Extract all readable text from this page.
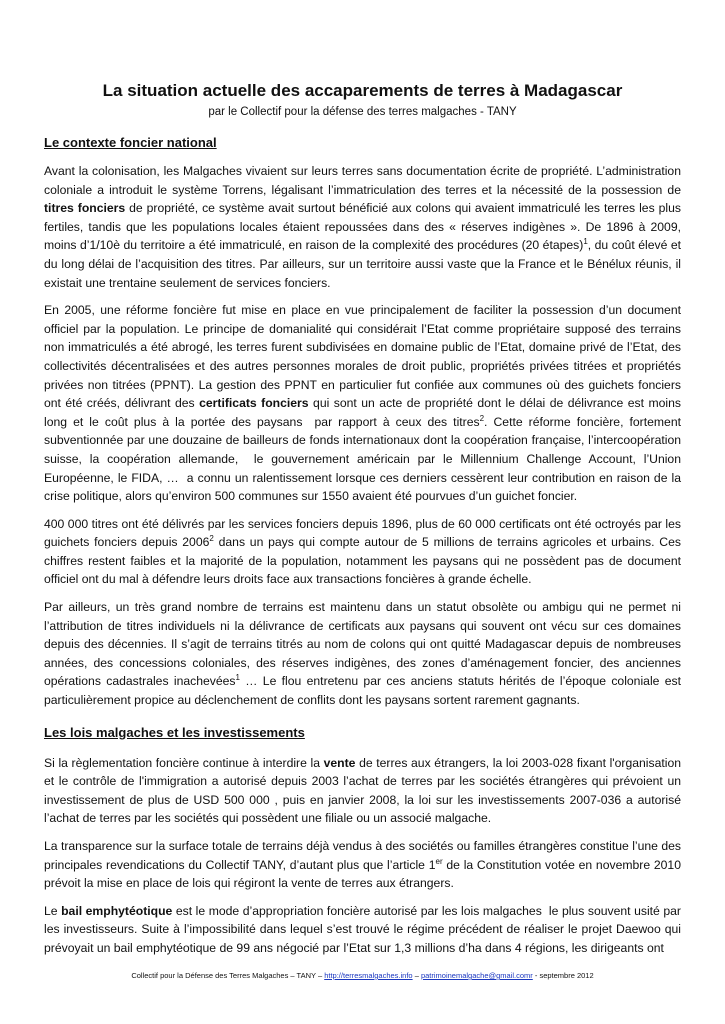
La situation actuelle des accaparements de terres à Madagascar

par le Collectif pour la défense des terres malgaches - TANY

Le contexte foncier national

Avant la colonisation, les Malgaches vivaient sur leurs terres sans documentation écrite de propriété. L’administration coloniale a introduit le système Torrens, légalisant l’immatriculation des terres et la nécessité de la possession de titres fonciers de propriété, ce système avait surtout bénéficié aux colons qui avaient immatriculé les terres les plus fertiles, tandis que les populations locales étaient repoussées dans des « réserves indigènes ». De 1896 à 2009, moins d’1/10è du territoire a été immatriculé, en raison de la complexité des procédures (20 étapes)$^1$, du coût élevé et du long délai de l’acquisition des titres. Par ailleurs, sur un territoire aussi vaste que la France et le Bénélux réunis, il existait une trentaine seulement de services fonciers.

En 2005, une réforme foncière fut mise en place en vue principalement de faciliter la possession d’un document officiel par la population. Le principe de domanialité qui considérait l’Etat comme propriétaire supposé des terrains non immatriculés a été abrogé, les terres furent subdivisées en domaine public de l’Etat, domaine privé de l’Etat, des collectivités décentralisées et des autres personnes morales de droit public, propriétés privées titrées et propriétés privées non titrées (PPNT). La gestion des PPNT en particulier fut confiée aux communes où des guichets fonciers ont été créés, délivrant des certificats fonciers qui sont un acte de propriété dont le délai de délivrance est moins long et le coût plus à la portée des paysans  par rapport à ceux des titres$^2$. Cette réforme foncière, fortement subventionnée par une douzaine de bailleurs de fonds internationaux dont la coopération française, l’intercoopération suisse, la coopération allemande,  le gouvernement américain par le Millennium Challenge Account, l’Union Européenne, le FIDA, …  a connu un ralentissement lorsque ces derniers cessèrent leur contribution en raison de la crise politique, alors qu’environ 500 communes sur 1550 avaient été pourvues d’un guichet foncier.

400 000 titres ont été délivrés par les services fonciers depuis 1896, plus de 60 000 certificats ont été octroyés par les guichets fonciers depuis 2006$^2$ dans un pays qui compte autour de 5 millions de terrains agricoles et urbains. Ces chiffres restent faibles et la majorité de la population, notamment les paysans qui ne possèdent pas de document officiel ont du mal à défendre leurs droits face aux transactions foncières à grande échelle.

Par ailleurs, un très grand nombre de terrains est maintenu dans un statut obsolète ou ambigu qui ne permet ni l’attribution de titres individuels ni la délivrance de certificats aux paysans qui souvent ont vécu sur ces domaines depuis des décennies. Il s’agit de terrains titrés au nom de colons qui ont quitté Madagascar depuis de nombreuses années, des concessions coloniales, des réserves indigènes, des zones d’aménagement foncier, des anciennes opérations cadastrales inachevées$^1$ … Le flou entretenu par ces anciens statuts hérités de l’époque coloniale est particulièrement propice au déclenchement de conflits dont les paysans sortent rarement gagnants.

Les lois malgaches et les investissements

Si la règlementation foncière continue à interdire la vente de terres aux étrangers, la loi 2003-028 fixant l'organisation et le contrôle de l'immigration a autorisé depuis 2003 l’achat de terres par les sociétés étrangères qui prévoient un investissement de plus de USD 500 000 , puis en janvier 2008, la loi sur les investissements 2007-036 a autorisé l’achat de terres par les sociétés qui possèdent une filiale ou un associé malgache.

La transparence sur la surface totale de terrains déjà vendus à des sociétés ou familles étrangères constitue l’une des principales revendications du Collectif TANY, d’autant plus que l’article 1er de la Constitution votée en novembre 2010 prévoit la mise en place de lois qui régiront la vente de terres aux étrangers.

Le bail emphytéotique est le mode d’appropriation foncière autorisé par les lois malgaches  le plus souvent usité par les investisseurs. Suite à l’impossibilité dans lequel s’est trouvé le régime précédent de réaliser le projet Daewoo qui prévoyait un bail emphytéotique de 99 ans négocié par l’Etat sur 1,3 millions d’ha dans 4 régions, les dirigeants ont

Collectif pour la Défense des Terres Malgaches – TANY – http://terresmalgaches.info – patrimoinemalgache@gmail.comr - septembre 2012
